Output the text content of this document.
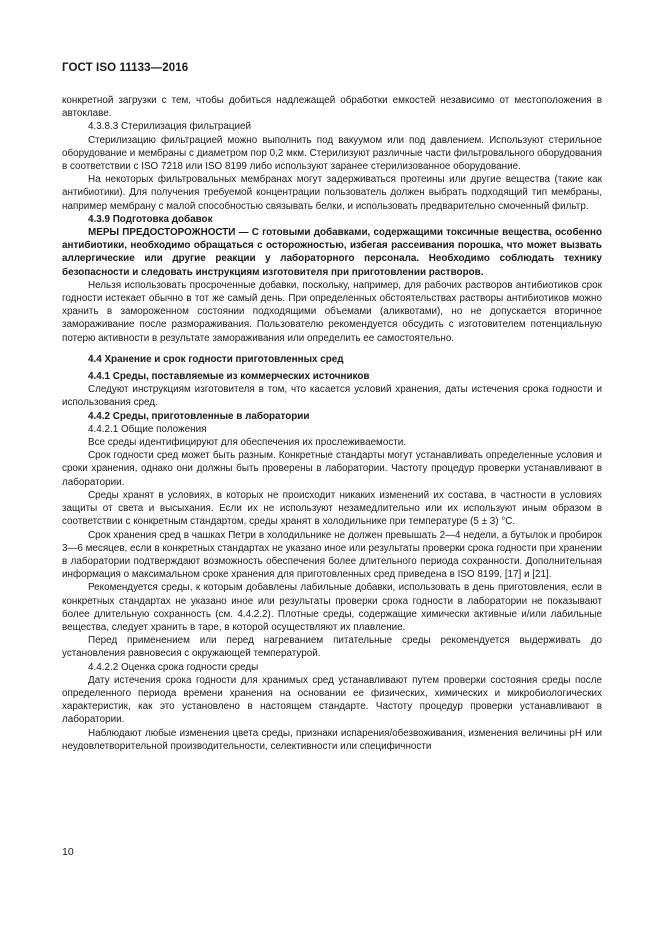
ГОСТ ISO 11133—2016

конкретной загрузки с тем, чтобы добиться надлежащей обработки емкостей независимо от местоположения в автоклаве.

4.3.8.3 Стерилизация фильтрацией

Стерилизацию фильтрацией можно выполнить под вакуумом или под давлением. Используют стерильное оборудование и мембраны с диаметром пор 0,2 мкм. Стерилизуют различные части фильтровального оборудования в соответствии с ISO 7218 или ISO 8199 либо используют заранее стерилизованное оборудование.

На некоторых фильтровальных мембранах могут задерживаться протеины или другие вещества (такие как антибиотики). Для получения требуемой концентрации пользователь должен выбрать подходящий тип мембраны, например мембрану с малой способностью связывать белки, и использовать предварительно смоченный фильтр.

4.3.9 Подготовка добавок

МЕРЫ ПРЕДОСТОРОЖНОСТИ — С готовыми добавками, содержащими токсичные вещества, особенно антибиотики, необходимо обращаться с осторожностью, избегая рассеивания порошка, что может вызвать аллергические или другие реакции у лабораторного персонала. Необходимо соблюдать технику безопасности и следовать инструкциям изготовителя при приготовлении растворов.

Нельзя использовать просроченные добавки, поскольку, например, для рабочих растворов антибиотиков срок годности истекает обычно в тот же самый день. При определенных обстоятельствах растворы антибиотиков можно хранить в замороженном состоянии подходящими объемами (аликвотами), но не допускается вторичное замораживание после размораживания. Пользователю рекомендуется обсудить с изготовителем потенциальную потерю активности в результате замораживания или определить ее самостоятельно.

4.4 Хранение и срок годности приготовленных сред

4.4.1 Среды, поставляемые из коммерческих источников

Следуют инструкциям изготовителя в том, что касается условий хранения, даты истечения срока годности и использования сред.

4.4.2 Среды, приготовленные в лаборатории

4.4.2.1 Общие положения

Все среды идентифицируют для обеспечения их прослеживаемости.

Срок годности сред может быть разным. Конкретные стандарты могут устанавливать определенные условия и сроки хранения, однако они должны быть проверены в лаборатории. Частоту процедур проверки устанавливают в лаборатории.

Среды хранят в условиях, в которых не происходит никаких изменений их состава, в частности в условиях защиты от света и высыхания. Если их не используют незамедлительно или их используют иным образом в соответствии с конкретным стандартом, среды хранят в холодильнике при температуре (5 ± 3) °С.

Срок хранения сред в чашках Петри в холодильнике не должен превышать 2—4 недели, а бутылок и пробирок 3—6 месяцев, если в конкретных стандартах не указано иное или результаты проверки срока годности при хранении в лаборатории подтверждают возможность обеспечения более длительного периода сохранности. Дополнительная информация о максимальном сроке хранения для приготовленных сред приведена в ISO 8199, [17] и [21].

Рекомендуется среды, к которым добавлены лабильные добавки, использовать в день приготовления, если в конкретных стандартах не указано иное или результаты проверки срока годности в лаборатории не показывают более длительную сохранность (см. 4.4.2.2). Плотные среды, содержащие химически активные и/или лабильные вещества, следует хранить в таре, в которой осуществляют их плавление.

Перед применением или перед нагреванием питательные среды рекомендуется выдерживать до установления равновесия с окружающей температурой.

4.4.2.2 Оценка срока годности среды

Дату истечения срока годности для хранимых сред устанавливают путем проверки состояния среды после определенного периода времени хранения на основании ее физических, химических и микробиологических характеристик, как это установлено в настоящем стандарте. Частоту процедур проверки устанавливают в лаборатории.

Наблюдают любые изменения цвета среды, признаки испарения/обезвоживания, изменения величины pH или неудовлетворительной производительности, селективности или специфичности

10
